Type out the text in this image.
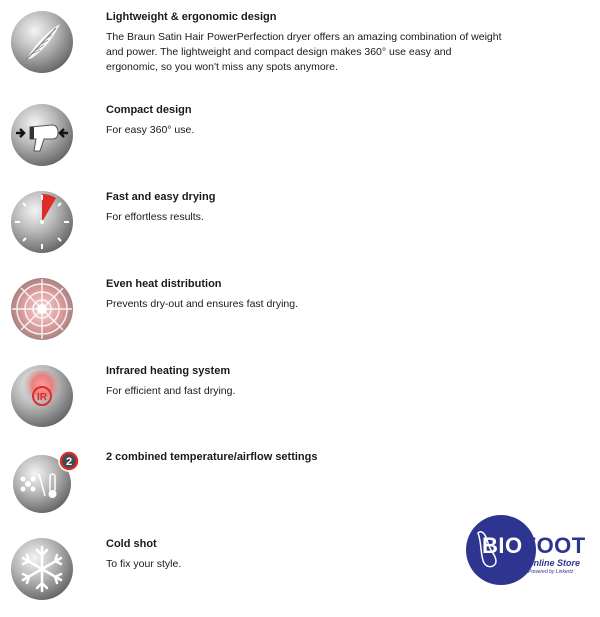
Lightweight & ergonomic design
The Braun Satin Hair PowerPerfection dryer offers an amazing combination of weight and power. The lightweight and compact design makes 360° use easy and ergonomic, so you won't miss any spots anymore.
Compact design
For easy 360° use.
Fast and easy drying
For effortless results.
Even heat distribution
Prevents dry-out and ensures fast drying.
IR
Infrared heating system
For efficient and fast drying.
2	2 combined temperature/airflow settings
Cold shot
To fix your style.
BIOFOOT
online Store
Powered by Linkertz
